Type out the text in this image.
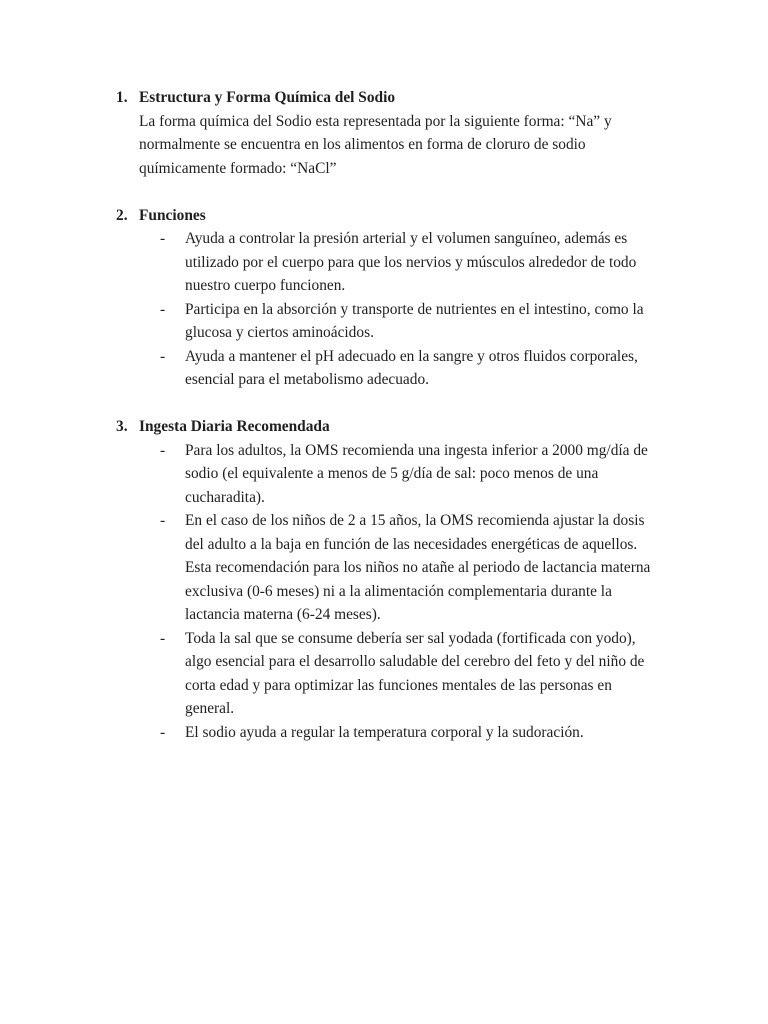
1. Estructura y Forma Química del Sodio
La forma química del Sodio esta representada por la siguiente forma: “Na” y normalmente se encuentra en los alimentos en forma de cloruro de sodio químicamente formado: “NaCl”
2. Funciones
- Ayuda a controlar la presión arterial y el volumen sanguíneo, además es utilizado por el cuerpo para que los nervios y músculos alrededor de todo nuestro cuerpo funcionen.
- Participa en la absorción y transporte de nutrientes en el intestino, como la glucosa y ciertos aminoácidos.
- Ayuda a mantener el pH adecuado en la sangre y otros fluidos corporales, esencial para el metabolismo adecuado.
3. Ingesta Diaria Recomendada
- Para los adultos, la OMS recomienda una ingesta inferior a 2000 mg/día de sodio (el equivalente a menos de 5 g/día de sal: poco menos de una cucharadita).
- En el caso de los niños de 2 a 15 años, la OMS recomienda ajustar la dosis del adulto a la baja en función de las necesidades energéticas de aquellos. Esta recomendación para los niños no atañe al periodo de lactancia materna exclusiva (0-6 meses) ni a la alimentación complementaria durante la lactancia materna (6-24 meses).
- Toda la sal que se consume debería ser sal yodada (fortificada con yodo), algo esencial para el desarrollo saludable del cerebro del feto y del niño de corta edad y para optimizar las funciones mentales de las personas en general.
- El sodio ayuda a regular la temperatura corporal y la sudoración.
